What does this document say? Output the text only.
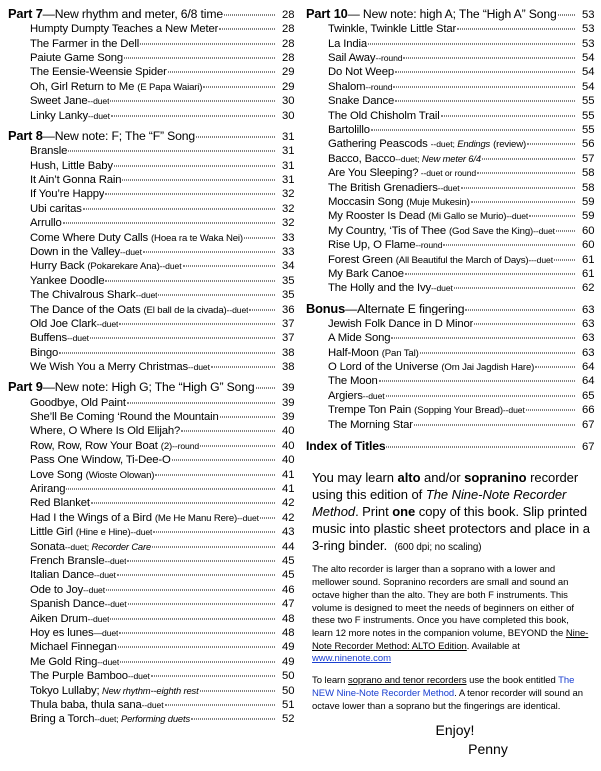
Part 7—New rhythm and meter, 6/8 time	28
Humpty Dumpty Teaches a New Meter	28
The Farmer in the Dell	28
Paiute Game Song	28
The Eensie-Weensie Spider	29
Oh, Girl Return to Me (E Papa Waiari)	29
Sweet Jane--duet	30
Linky Lanky--duet	30
Part 8—New note: F; The “F” Song	31
Bransle	31
Hush, Little Baby	31
It Ain’t Gonna Rain	31
If You’re Happy	32
Ubi caritas	32
Arrullo	32
Come Where Duty Calls (Hoea ra te Waka Nei)	33
Down in the Valley--duet	33
Hurry Back (Pokarekare Ana)--duet	34
Yankee Doodle	35
The Chivalrous Shark--duet	35
The Dance of the Oats (El ball de la civada)--duet	36
Old Joe Clark--duet	37
Buffens--duet	37
Bingo	38
We Wish You a Merry Christmas--duet	38
Part 9—New note: High G; The “High G” Song	39
Goodbye, Old Paint	39
She’ll Be Coming ‘Round the Mountain	39
Where, O Where Is Old Elijah?	40
Row, Row, Row Your Boat (2)--round	40
Pass One Window, Ti-Dee-O	40
Love Song (Wioste Olowan)	41
Arirang	41
Red Blanket	42
Had I the Wings of a Bird (Me He Manu Rere)--duet	42
Little Girl (Hine e Hine)--duet	43
Sonata--duet; Recorder Care	44
French Bransle--duet	45
Italian Dance--duet	45
Ode to Joy--duet	46
Spanish Dance--duet	47
Aiken Drum--duet	48
Hoy es lunes—duet	48
Michael Finnegan	49
Me Gold Ring--duet	49
The Purple Bamboo--duet	50
Tokyo Lullaby; New rhythm--eighth rest	50
Thula baba, thula sana--duet	51
Bring a Torch--duet; Performing duets	52
Part 10— New note: high A; The “High A” Song	53
Twinkle, Twinkle Little Star	53
La India	53
Sail Away--round	54
Do Not Weep	54
Shalom--round	54
Snake Dance	55
The Old Chisholm Trail	55
Bartolillo	55
Gathering Peascods --duet; Endings (review)	56
Bacco, Bacco--duet; New meter 6/4	57
Are You Sleeping? --duet or round	58
The British Grenadiers--duet	58
Moccasin Song (Muje Mukesin)	59
My Rooster Is Dead (Mi Gallo se Murio)--duet	59
My Country, ‘Tis of Thee (God Save the King)--duet	60
Rise Up, O Flame--round	60
Forest Green (All Beautiful the March of Days)---duet	61
My Bark Canoe	61
The Holly and the Ivy--duet	62
Bonus—Alternate E fingering	63
Jewish Folk Dance in D Minor	63
A Mide Song	63
Half-Moon (Pan Tal)	63
O Lord of the Universe (Om Jai Jagdish Hare)	64
The Moon	64
Argiers--duet	65
Trempe Ton Pain (Sopping Your Bread)--duet	66
The Morning Star	67
Index of Titles	67

You may learn alto and/or sopranino recorder using this edition of The Nine-Note Recorder Method. Print one copy of this book. Slip printed music into plastic sheet protectors and place in a 3-ring binder. (600 dpi; no scaling)

The alto recorder is larger than a soprano with a lower and mellower sound. Sopranino recorders are small and sound an octave higher than the alto. They are both F instruments. This volume is designed to meet the needs of beginners on either of these two F instruments. Once you have completed this book, learn 12 more notes in the companion volume, BEYOND the Nine-Note Recorder Method: ALTO Edition. Available at www.ninenote.com

To learn soprano and tenor recorders use the book entitled The NEW Nine-Note Recorder Method. A tenor recorder will sound an octave lower than a soprano but the fingerings are identical.

Enjoy!

Penny
